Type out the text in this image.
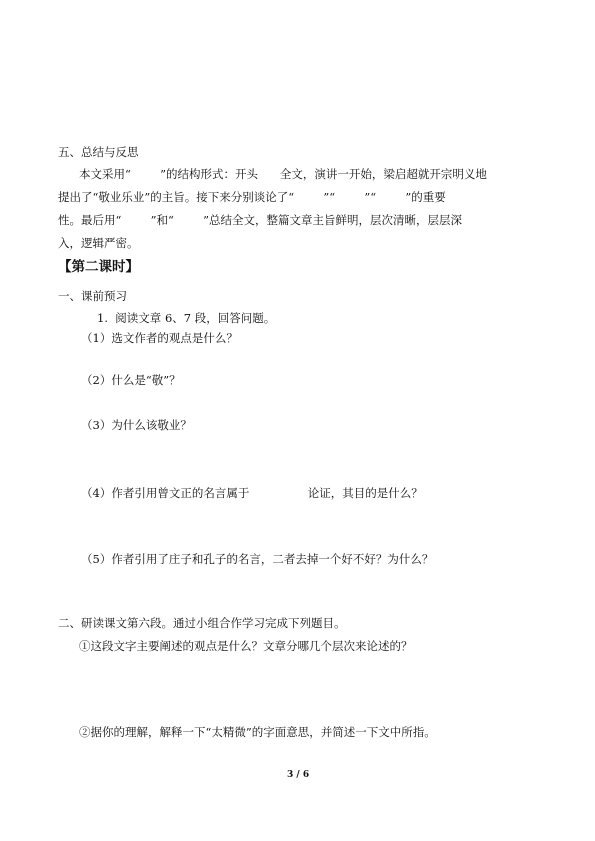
五、总结与反思
本文采用“        ”的结构形式：开头      全文，演讲一开始，梁启超就开宗明义地
提出了“敬业乐业”的主旨。接下来分别谈论了“        ”“        ”“        ”的重要
性。最后用“        ”和“        ”总结全文，整篇文章主旨鲜明，层次清晰，层层深
入，逻辑严密。
【第二课时】
一、课前预习
1.  阅读文章 6、7 段，回答问题。
（1）选文作者的观点是什么？
（2）什么是“敬”？
（3）为什么该敬业？
（4）作者引用曾文正的名言属于                论证，其目的是什么？
（5）作者引用了庄子和孔子的名言，二者去掉一个好不好？为什么？
二、研读课文第六段。通过小组合作学习完成下列题目。
①这段文字主要阐述的观点是什么？文章分哪几个层次来论述的？
②据你的理解，解释一下“太精微”的字面意思，并简述一下文中所指。
3 / 6
